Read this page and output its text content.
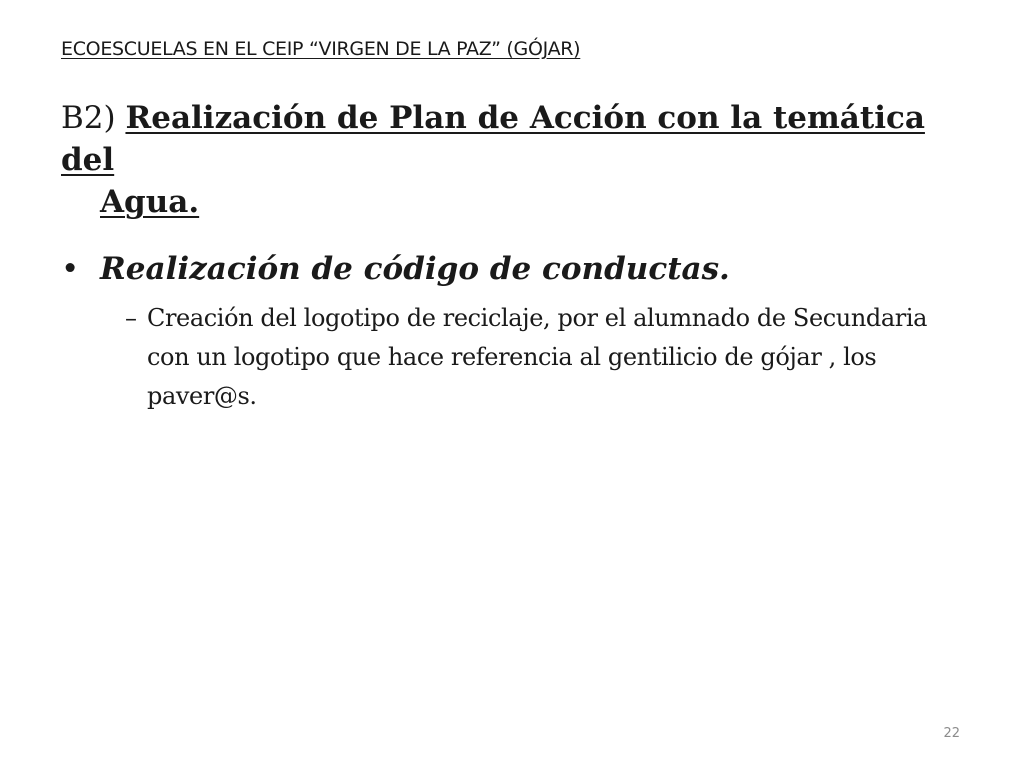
ECOESCUELAS EN EL CEIP “VIRGEN DE LA PAZ” (GÓJAR)
B2) Realización de Plan de Acción con la temática del
Agua.
• Realización de código de conductas.
– Creación del logotipo de reciclaje, por el alumnado de Secundaria con un logotipo que hace referencia al gentilicio de gójar , los paver@s.
22
